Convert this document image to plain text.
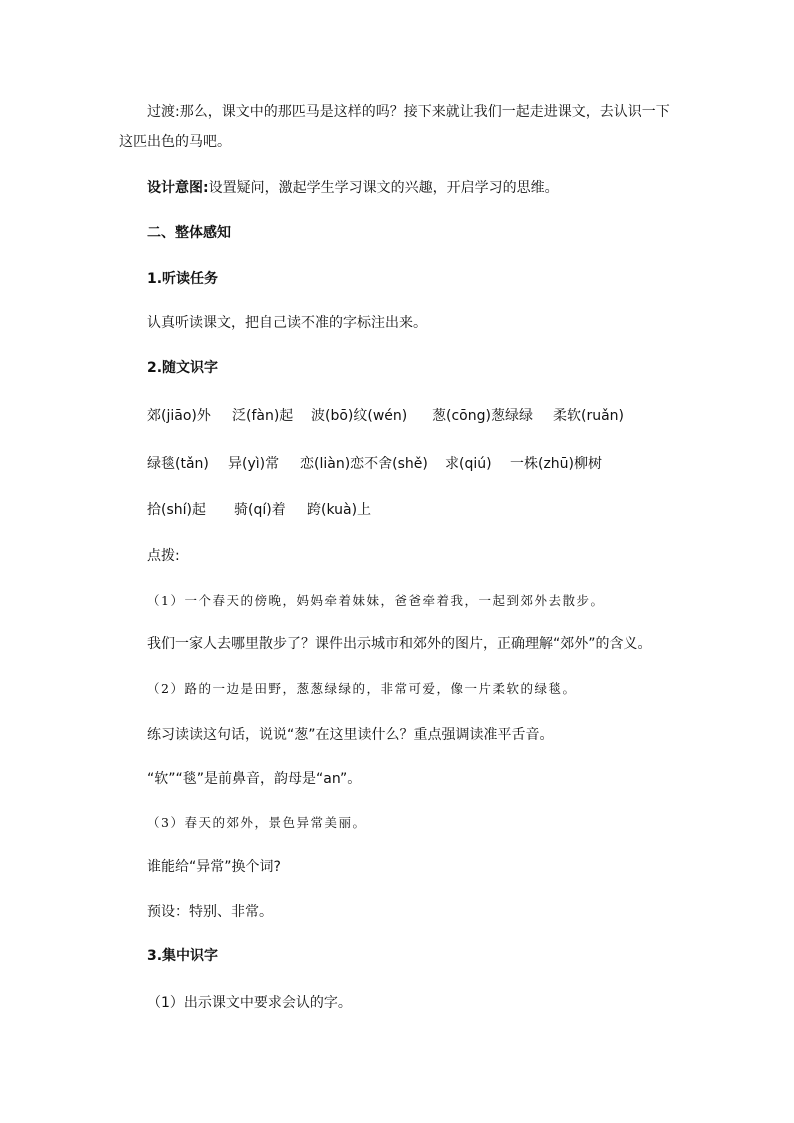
过渡:那么，课文中的那匹马是这样的吗？接下来就让我们一起走进课文，去认识一下

这匹出色的马吧。

设计意图:设置疑问，激起学生学习课文的兴趣，开启学习的思维。

二、整体感知

1.听读任务

认真听读课文，把自己读不准的字标注出来。

2.随文识字

郊(jiāo)外 泛(fàn)起 波(bō)纹(wén) 葱(cōng)葱绿绿 柔软(ruǎn)
绿毯(tǎn) 异(yì)常 恋(liàn)恋不舍(shě) 求(qiú) 一株(zhū)柳树
拾(shí)起 骑(qí)着 跨(kuà)上

点拨:

（1）一个春天的傍晚，妈妈牵着妹妹，爸爸牵着我，一起到郊外去散步。

我们一家人去哪里散步了？课件出示城市和郊外的图片，正确理解“郊外”的含义。

（2）路的一边是田野，葱葱绿绿的，非常可爱，像一片柔软的绿毯。

练习读读这句话，说说“葱”在这里读什么？重点强调读准平舌音。

“软”“毯”是前鼻音，韵母是“an”。

（3）春天的郊外，景色异常美丽。

谁能给“异常”换个词?

预设：特别、非常。

3.集中识字

（1）出示课文中要求会认的字。
